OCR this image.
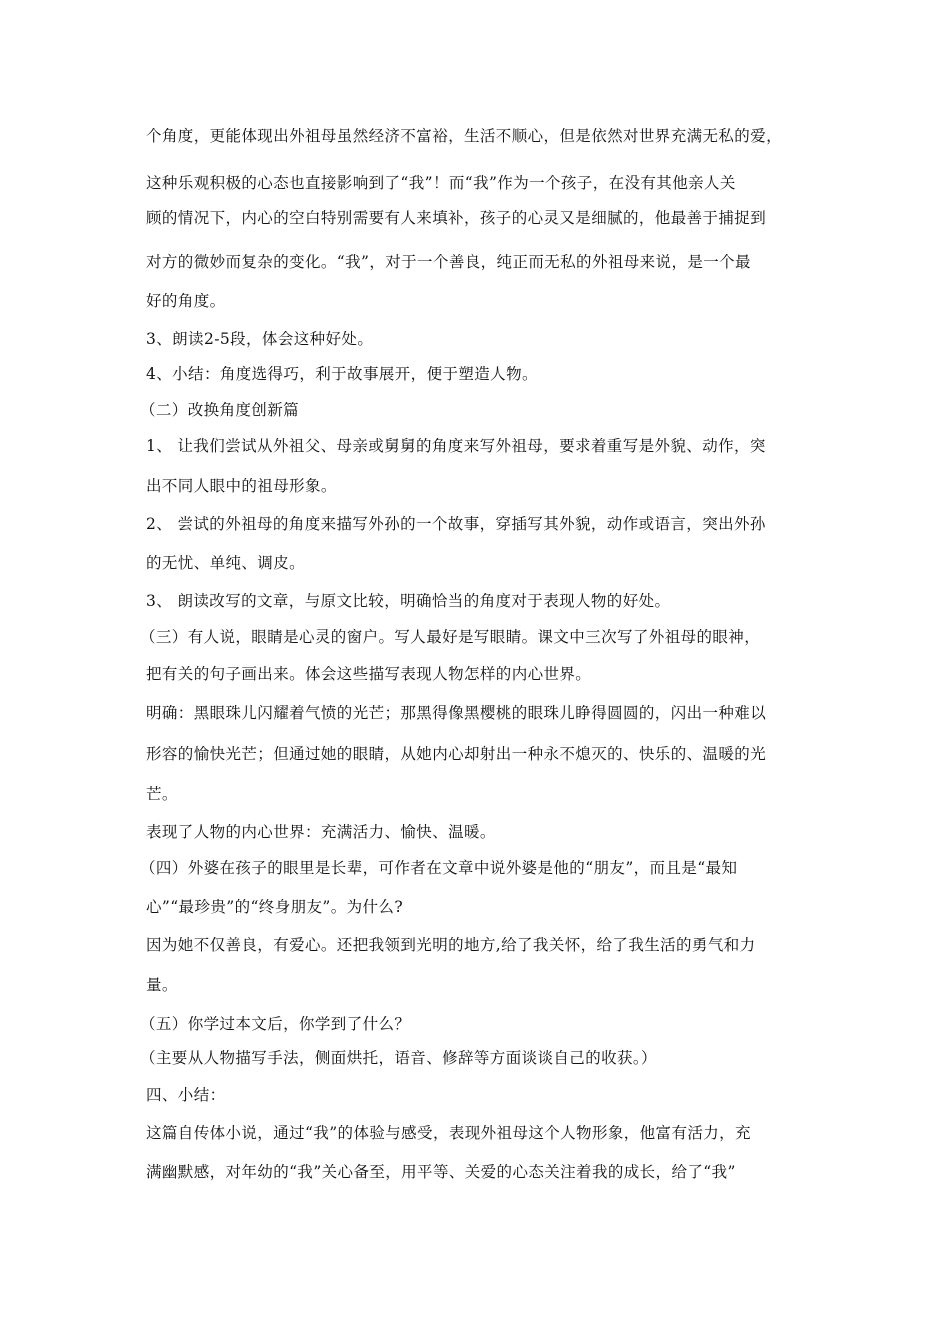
个角度，更能体现出外祖母虽然经济不富裕，生活不顺心，但是依然对世界充满无私的爱，
这种乐观积极的心态也直接影响到了“我”！而“我”作为一个孩子，在没有其他亲人关
顾的情况下，内心的空白特别需要有人来填补，孩子的心灵又是细腻的，他最善于捕捉到
对方的微妙而复杂的变化。“我”，对于一个善良，纯正而无私的外祖母来说，是一个最
好的角度。
3、朗读2-5段，体会这种好处。
4、小结：角度选得巧，利于故事展开，便于塑造人物。
（二）改换角度创新篇
1、 让我们尝试从外祖父、母亲或舅舅的角度来写外祖母，要求着重写是外貌、动作，突
出不同人眼中的祖母形象。
2、 尝试的外祖母的角度来描写外孙的一个故事，穿插写其外貌，动作或语言，突出外孙
的无忧、单纯、调皮。
3、 朗读改写的文章，与原文比较，明确恰当的角度对于表现人物的好处。
（三）有人说，眼睛是心灵的窗户。写人最好是写眼睛。课文中三次写了外祖母的眼神，
把有关的句子画出来。体会这些描写表现人物怎样的内心世界。
明确：黑眼珠儿闪耀着气愤的光芒；那黑得像黑樱桃的眼珠儿睁得圆圆的，闪出一种难以
形容的愉快光芒；但通过她的眼睛，从她内心却射出一种永不熄灭的、快乐的、温暖的光
芒。
表现了人物的内心世界：充满活力、愉快、温暖。
（四）外婆在孩子的眼里是长辈，可作者在文章中说外婆是他的“朋友”，而且是“最知
心”“最珍贵”的“终身朋友”。为什么?
因为她不仅善良，有爱心。还把我领到光明的地方,给了我关怀，给了我生活的勇气和力
量。
（五）你学过本文后，你学到了什么？
（主要从人物描写手法，侧面烘托，语音、修辞等方面谈谈自己的收获。）
四、小结：
这篇自传体小说，通过“我”的体验与感受，表现外祖母这个人物形象，他富有活力，充
满幽默感，对年幼的“我”关心备至，用平等、关爱的心态关注着我的成长，给了“我”
